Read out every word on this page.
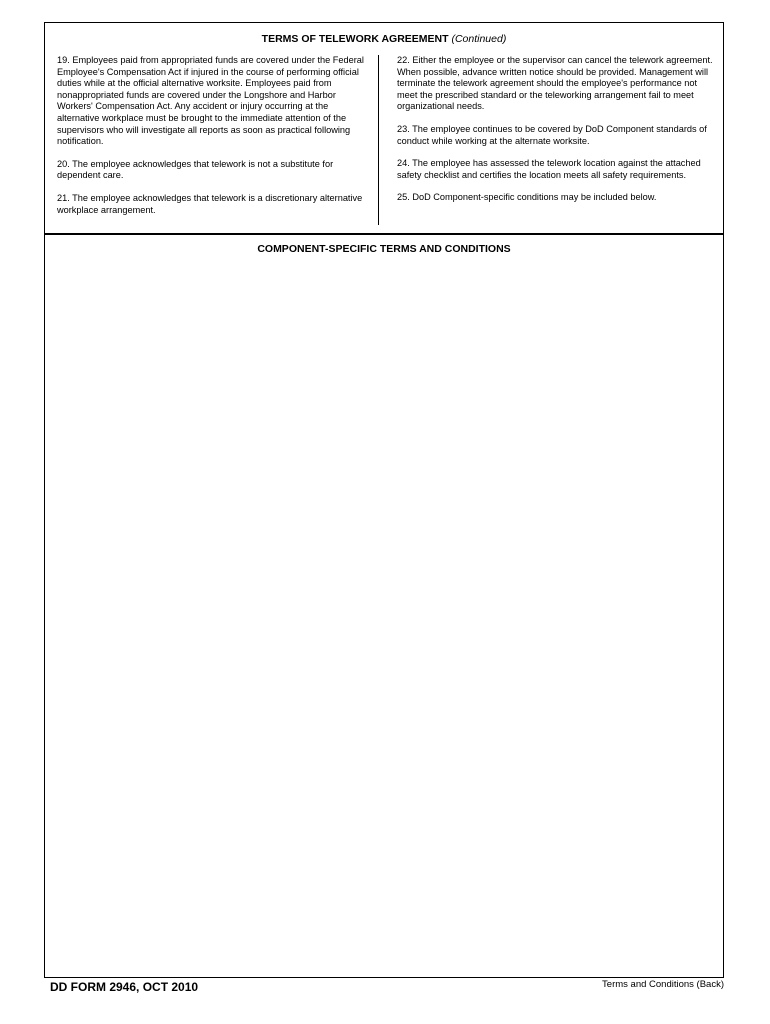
TERMS OF TELEWORK AGREEMENT (Continued)

19. Employees paid from appropriated funds are covered under the Federal Employee's Compensation Act if injured in the course of performing official duties while at the official alternative worksite. Employees paid from nonappropriated funds are covered under the Longshore and Harbor Workers' Compensation Act. Any accident or injury occurring at the alternative workplace must be brought to the immediate attention of the supervisors who will investigate all reports as soon as practical following notification.

20. The employee acknowledges that telework is not a substitute for dependent care.

21. The employee acknowledges that telework is a discretionary alternative workplace arrangement.

22. Either the employee or the supervisor can cancel the telework agreement. When possible, advance written notice should be provided. Management will terminate the telework agreement should the employee's performance not meet the prescribed standard or the teleworking arrangement fail to meet organizational needs.

23. The employee continues to be covered by DoD Component standards of conduct while working at the alternate worksite.

24. The employee has assessed the telework location against the attached safety checklist and certifies the location meets all safety requirements.

25. DoD Component-specific conditions may be included below.

COMPONENT-SPECIFIC TERMS AND CONDITIONS
DD FORM 2946, OCT 2010	Terms and Conditions (Back)
